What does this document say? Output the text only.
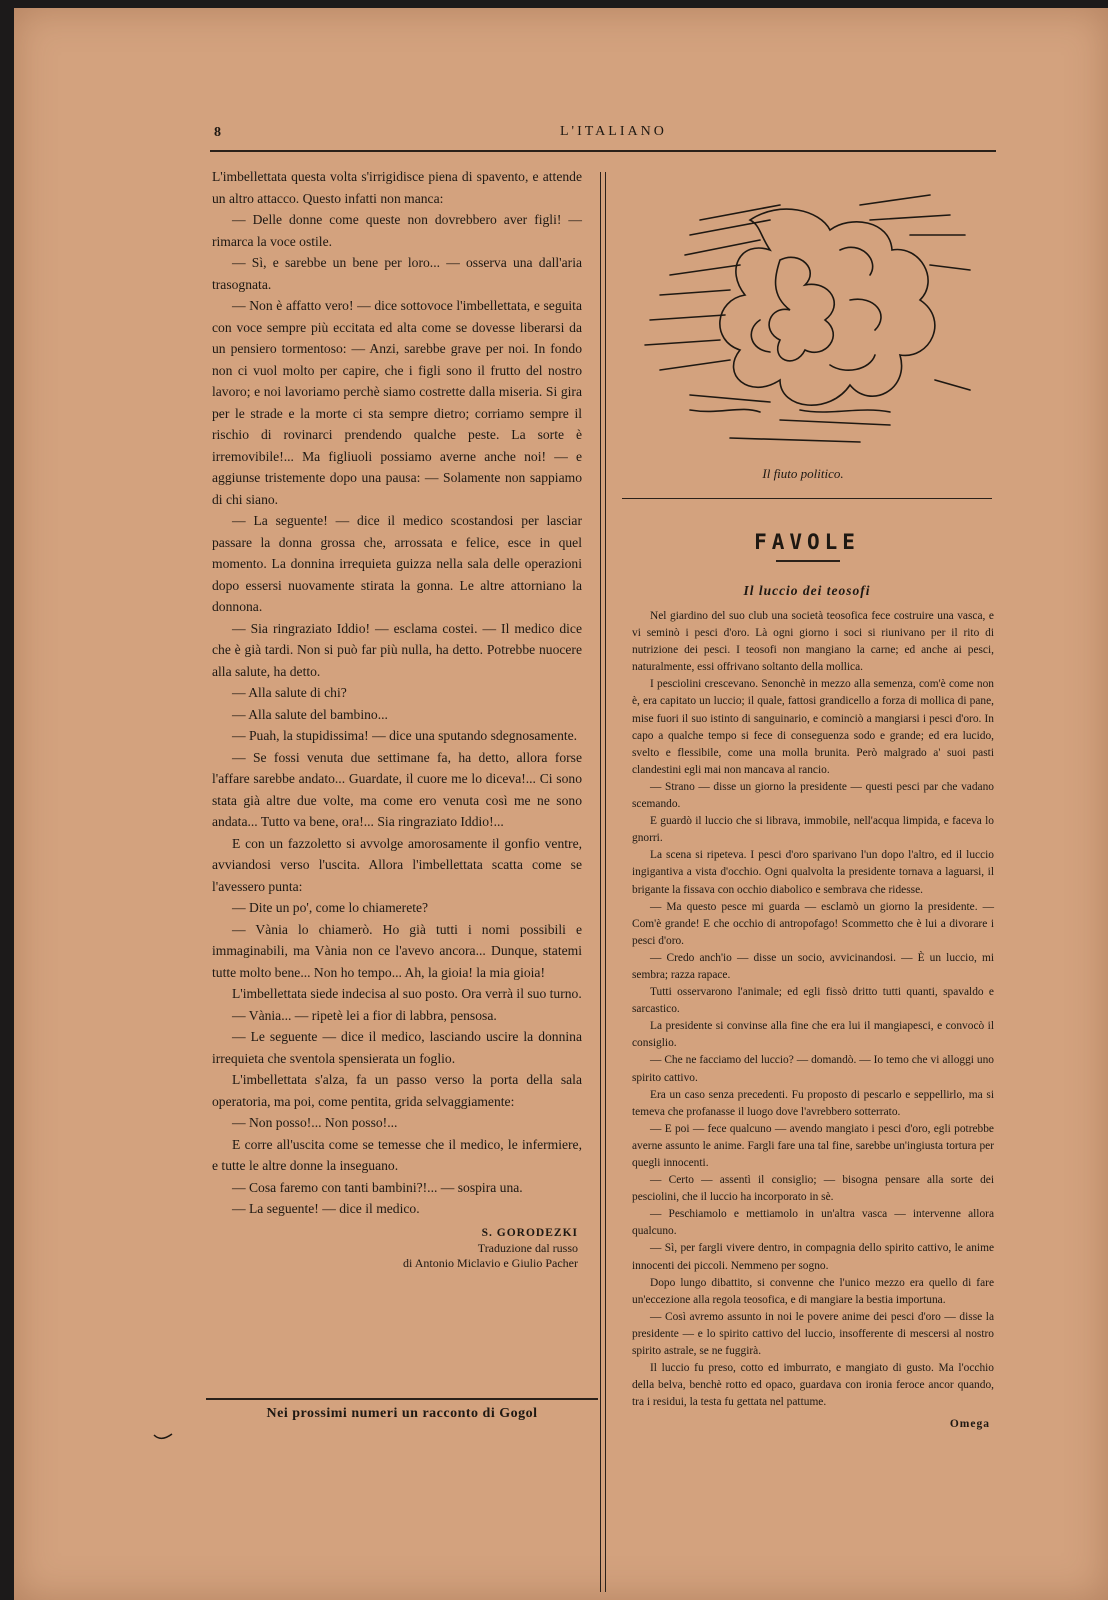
8	L'ITALIANO

L'imbellettata questa volta s'irrigidisce piena di spavento, e attende un altro attacco. Questo infatti non manca:

— Delle donne come queste non dovrebbero aver figli! — rimarca la voce ostile.

— Sì, e sarebbe un bene per loro... — osserva una dall'aria trasognata.

— Non è affatto vero! — dice sottovoce l'imbellettata, e seguita con voce sempre più eccitata ed alta come se dovesse liberarsi da un pensiero tormentoso: — Anzi, sarebbe grave per noi. In fondo non ci vuol molto per capire, che i figli sono il frutto del nostro lavoro; e noi lavoriamo perchè siamo costrette dalla miseria. Si gira per le strade e la morte ci sta sempre dietro; corriamo sempre il rischio di rovinarci prendendo qualche peste. La sorte è irremovibile!... Ma figliuoli possiamo averne anche noi! — e aggiunse tristemente dopo una pausa: — Solamente non sappiamo di chi siano.

— La seguente! — dice il medico scostandosi per lasciar passare la donna grossa che, arrossata e felice, esce in quel momento. La donnina irrequieta guizza nella sala delle operazioni dopo essersi nuovamente stirata la gonna. Le altre attorniano la donnona.

— Sia ringraziato Iddio! — esclama costei. — Il medico dice che è già tardi. Non si può far più nulla, ha detto. Potrebbe nuocere alla salute, ha detto.

— Alla salute di chi?

— Alla salute del bambino...

— Puah, la stupidissima! — dice una sputando sdegnosamente.

— Se fossi venuta due settimane fa, ha detto, allora forse l'affare sarebbe andato... Guardate, il cuore me lo diceva!... Ci sono stata già altre due volte, ma come ero venuta così me ne sono andata... Tutto va bene, ora!... Sia ringraziato Iddio!...

E con un fazzoletto si avvolge amorosamente il gonfio ventre, avviandosi verso l'uscita. Allora l'imbellettata scatta come se l'avessero punta:

— Dite un po', come lo chiamerete?

— Vània lo chiamerò. Ho già tutti i nomi possibili e immaginabili, ma Vània non ce l'avevo ancora... Dunque, statemi tutte molto bene... Non ho tempo... Ah, la gioia! la mia gioia!

L'imbellettata siede indecisa al suo posto. Ora verrà il suo turno.

— Vània... — ripetè lei a fior di labbra, pensosa.

— Le seguente — dice il medico, lasciando uscire la donnina irrequieta che sventola spensierata un foglio.

L'imbellettata s'alza, fa un passo verso la porta della sala operatoria, ma poi, come pentita, grida selvaggiamente:

— Non posso!... Non posso!...

E corre all'uscita come se temesse che il medico, le infermiere, e tutte le altre donne la inseguano.

— Cosa faremo con tanti bambini?!... — sospira una.

— La seguente! — dice il medico.

S. GORODEZKI
Traduzione dal russo
di Antonio Miclavio e Giulio Pacher
Nei prossimi numeri un racconto di Gogol
Il fiuto politico.
FAVOLE
Il luccio dei teosofi

Nel giardino del suo club una società teosofica fece costruire una vasca, e vi seminò i pesci d'oro. Là ogni giorno i soci si riunivano per il rito di nutrizione dei pesci. I teosofi non mangiano la carne; ed anche ai pesci, naturalmente, essi offrivano soltanto della mollica.

I pesciolini crescevano. Senonchè in mezzo alla semenza, com'è come non è, era capitato un luccio; il quale, fattosi grandicello a forza di mollica di pane, mise fuori il suo istinto di sanguinario, e cominciò a mangiarsi i pesci d'oro. In capo a qualche tempo si fece di conseguenza sodo e grande; ed era lucido, svelto e flessibile, come una molla brunita. Però malgrado a' suoi pasti clandestini egli mai non mancava al rancio.

— Strano — disse un giorno la presidente — questi pesci par che vadano scemando.

E guardò il luccio che si librava, immobile, nell'acqua limpida, e faceva lo gnorri.

La scena si ripeteva. I pesci d'oro sparivano l'un dopo l'altro, ed il luccio ingigantiva a vista d'occhio. Ogni qualvolta la presidente tornava a laguarsi, il brigante la fissava con occhio diabolico e sembrava che ridesse.

— Ma questo pesce mi guarda — esclamò un giorno la presidente. — Com'è grande! E che occhio di antropofago! Scommetto che è lui a divorare i pesci d'oro.

— Credo anch'io — disse un socio, avvicinandosi. — È un luccio, mi sembra; razza rapace.

Tutti osservarono l'animale; ed egli fissò dritto tutti quanti, spavaldo e sarcastico.

La presidente si convinse alla fine che era lui il mangiapesci, e convocò il consiglio.

— Che ne facciamo del luccio? — domandò. — Io temo che vi alloggi uno spirito cattivo.

Era un caso senza precedenti. Fu proposto di pescarlo e seppellirlo, ma si temeva che profanasse il luogo dove l'avrebbero sotterrato.

— E poi — fece qualcuno — avendo mangiato i pesci d'oro, egli potrebbe averne assunto le anime. Fargli fare una tal fine, sarebbe un'ingiusta tortura per quegli innocenti.

— Certo — assentì il consiglio; — bisogna pensare alla sorte dei pesciolini, che il luccio ha incorporato in sè.

— Peschiamolo e mettiamolo in un'altra vasca — intervenne allora qualcuno.

— Sì, per fargli vivere dentro, in compagnia dello spirito cattivo, le anime innocenti dei piccoli. Nemmeno per sogno.

Dopo lungo dibattito, si convenne che l'unico mezzo era quello di fare un'eccezione alla regola teosofica, e di mangiare la bestia importuna.

— Così avremo assunto in noi le povere anime dei pesci d'oro — disse la presidente — e lo spirito cattivo del luccio, insofferente di mescersi al nostro spirito astrale, se ne fuggirà.

Il luccio fu preso, cotto ed imburrato, e mangiato di gusto. Ma l'occhio della belva, benchè rotto ed opaco, guardava con ironia feroce ancor quando, tra i residui, la testa fu gettata nel pattume.

Omega
